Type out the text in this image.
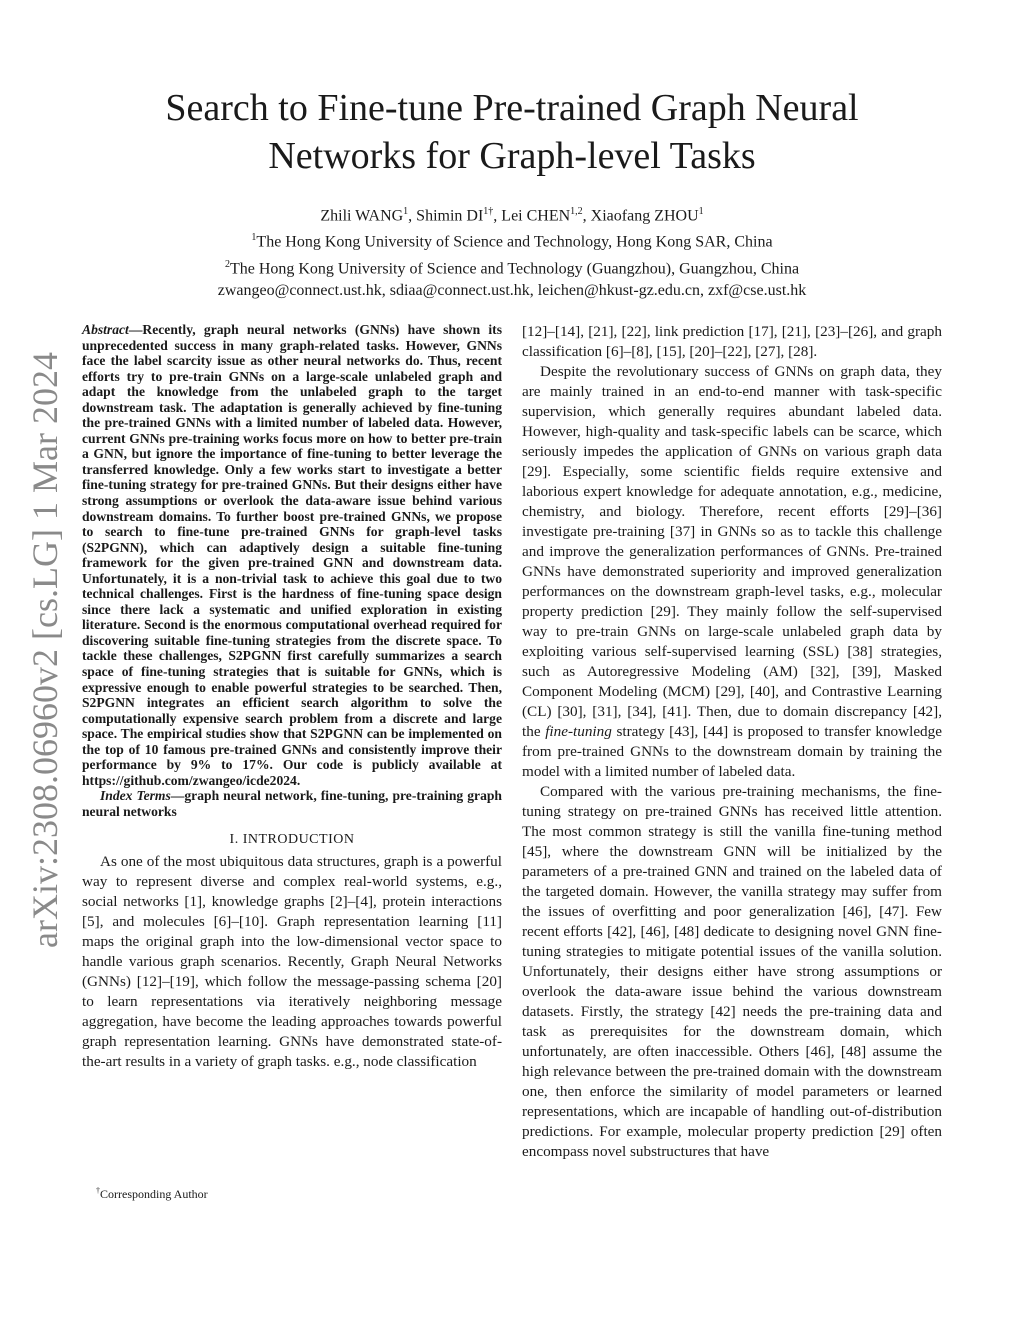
arXiv:2308.06960v2 [cs.LG] 1 Mar 2024
Search to Fine-tune Pre-trained Graph Neural
Networks for Graph-level Tasks
Zhili WANG$^1$, Shimin $DI^{1\dagger}$, Lei CHEN$^{1,2}$, Xiaofang ZHOU$^1$
$^1$The Hong Kong University of Science and Technology, Hong Kong SAR, China
$^2$The Hong Kong University of Science and Technology (Guangzhou), Guangzhou, China
zwangeo@connect.ust.hk, sdiaa@connect.ust.hk, leichen@hkust-gz.edu.cn, zxf@cse.ust.hk

Abstract—Recently, graph neural networks (GNNs) have shown its unprecedented success in many graph-related tasks. However, GNNs face the label scarcity issue as other neural networks do. Thus, recent efforts try to pre-train GNNs on a large-scale unlabeled graph and adapt the knowledge from the unlabeled graph to the target downstream task. The adaptation is generally achieved by fine-tuning the pre-trained GNNs with a limited number of labeled data. However, current GNNs pre-training works focus more on how to better pre-train a GNN, but ignore the importance of fine-tuning to better leverage the transferred knowledge. Only a few works start to investigate a better fine-tuning strategy for pre-trained GNNs. But their designs either have strong assumptions or overlook the data-aware issue behind various downstream domains. To further boost pre-trained GNNs, we propose to search to fine-tune pre-trained GNNs for graph-level tasks (S2PGNN), which can adaptively design a suitable fine-tuning framework for the given pre-trained GNN and downstream data. Unfortunately, it is a non-trivial task to achieve this goal due to two technical challenges. First is the hardness of fine-tuning space design since there lack a systematic and unified exploration in existing literature. Second is the enormous computational overhead required for discovering suitable fine-tuning strategies from the discrete space. To tackle these challenges, S2PGNN first carefully summarizes a search space of fine-tuning strategies that is suitable for GNNs, which is expressive enough to enable powerful strategies to be searched. Then, S2PGNN integrates an efficient search algorithm to solve the computationally expensive search problem from a discrete and large space. The empirical studies show that S2PGNN can be implemented on the top of 10 famous pre-trained GNNs and consistently improve their performance by 9% to 17%. Our code is publicly available at https://github.com/zwangeo/icde2024.

Index Terms—graph neural network, fine-tuning, pre-training graph neural networks

I. INTRODUCTION

As one of the most ubiquitous data structures, graph is a powerful way to represent diverse and complex real-world systems, e.g., social networks [1], knowledge graphs [2]–[4], protein interactions [5], and molecules [6]–[10]. Graph representation learning [11] maps the original graph into the low-dimensional vector space to handle various graph scenarios. Recently, Graph Neural Networks (GNNs) [12]–[19], which follow the message-passing schema [20] to learn representations via iteratively neighboring message aggregation, have become the leading approaches towards powerful graph representation learning. GNNs have demonstrated state-of-the-art results in a variety of graph tasks. e.g., node classification

[12]–[14], [21], [22], link prediction [17], [21], [23]–[26], and graph classification [6]–[8], [15], [20]–[22], [27], [28].

Despite the revolutionary success of GNNs on graph data, they are mainly trained in an end-to-end manner with task-specific supervision, which generally requires abundant labeled data. However, high-quality and task-specific labels can be scarce, which seriously impedes the application of GNNs on various graph data [29]. Especially, some scientific fields require extensive and laborious expert knowledge for adequate annotation, e.g., medicine, chemistry, and biology. Therefore, recent efforts [29]–[36] investigate pre-training [37] in GNNs so as to tackle this challenge and improve the generalization performances of GNNs. Pre-trained GNNs have demonstrated superiority and improved generalization performances on the downstream graph-level tasks, e.g., molecular property prediction [29]. They mainly follow the self-supervised way to pre-train GNNs on large-scale unlabeled graph data by exploiting various self-supervised learning (SSL) [38] strategies, such as Autoregressive Modeling (AM) [32], [39], Masked Component Modeling (MCM) [29], [40], and Contrastive Learning (CL) [30], [31], [34], [41]. Then, due to domain discrepancy [42], the fine-tuning strategy [43], [44] is proposed to transfer knowledge from pre-trained GNNs to the downstream domain by training the model with a limited number of labeled data.

Compared with the various pre-training mechanisms, the fine-tuning strategy on pre-trained GNNs has received little attention. The most common strategy is still the vanilla fine-tuning method [45], where the downstream GNN will be initialized by the parameters of a pre-trained GNN and trained on the labeled data of the targeted domain. However, the vanilla strategy may suffer from the issues of overfitting and poor generalization [46], [47]. Few recent efforts [42], [46], [48] dedicate to designing novel GNN fine-tuning strategies to mitigate potential issues of the vanilla solution. Unfortunately, their designs either have strong assumptions or overlook the data-aware issue behind the various downstream datasets. Firstly, the strategy [42] needs the pre-training data and task as prerequisites for the downstream domain, which unfortunately, are often inaccessible. Others [46], [48] assume the high relevance between the pre-trained domain with the downstream one, then enforce the similarity of model parameters or learned representations, which are incapable of handling out-of-distribution predictions. For example, molecular property prediction [29] often encompass novel substructures that have

†Corresponding Author
